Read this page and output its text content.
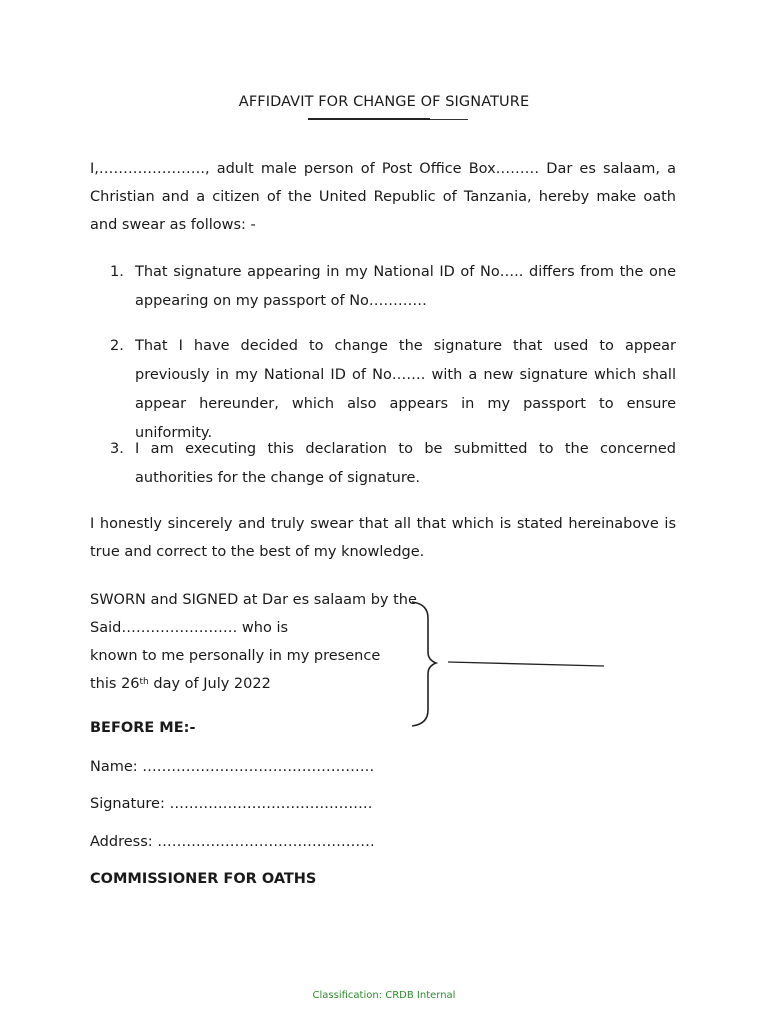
AFFIDAVIT FOR CHANGE OF SIGNATURE

I,…………………., adult male person of Post Office Box……… Dar es salaam, a Christian and a citizen of the United Republic of Tanzania, hereby make oath and swear as follows: -

1. That signature appearing in my National ID of No….. differs from the one appearing on my passport of No…………
2. That I have decided to change the signature that used to appear previously in my National ID of No……. with a new signature which shall appear hereunder, which also appears in my passport to ensure uniformity.
3. I am executing this declaration to be submitted to the concerned authorities for the change of signature.

I honestly sincerely and truly swear that all that which is stated hereinabove is true and correct to the best of my knowledge.

SWORN and SIGNED at Dar es salaam by the
Said…………………… who is
known to me personally in my presence
this 26th day of July 2022
BEFORE ME:-
Name: …………………………………………
Signature: ……………………………………
Address: ………………………………………
COMMISSIONER FOR OATHS
Classification: CRDB Internal
